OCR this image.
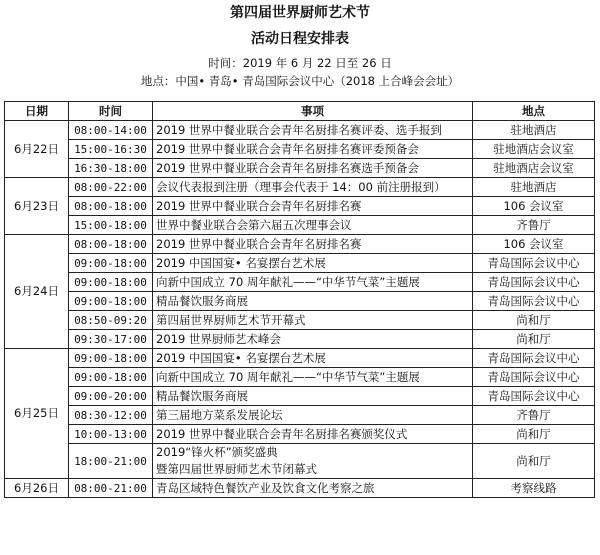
第四届世界厨师艺术节
活动日程安排表
时间：2019 年 6 月 22 日至 26 日
地点：中国• 青岛• 青岛国际会议中心（2018 上合峰会会址）
日期	时间	事项	地点
6月22日	08:00-14:00	2019 世界中餐业联合会青年名厨排名赛评委、选手报到	驻地酒店
	15:00-16:30	2019 世界中餐业联合会青年名厨排名赛评委预备会	驻地酒店会议室
	16:30-18:00	2019 世界中餐业联合会青年名厨排名赛选手预备会	驻地酒店会议室
6月23日	08:00-22:00	会议代表报到注册（理事会代表于 14：00 前注册报到）	驻地酒店
	08:00-18:00	2019 世界中餐业联合会青年名厨排名赛	106 会议室
	15:00-18:00	世界中餐业联合会第六届五次理事会议	齐鲁厅
6月24日	08:00-18:00	2019 世界中餐业联合会青年名厨排名赛	106 会议室
	09:00-18:00	2019 中国国宴• 名宴摆台艺术展	青岛国际会议中心
	09:00-18:00	向新中国成立 70 周年献礼——“中华节气菜”主题展	青岛国际会议中心
	09:00-18:00	精品餐饮服务商展	青岛国际会议中心
	08:50-09:20	第四届世界厨师艺术节开幕式	尚和厅
	09:30-17:00	2019 世界厨师艺术峰会	尚和厅
6月25日	09:00-18:00	2019 中国国宴• 名宴摆台艺术展	青岛国际会议中心
	09:00-18:00	向新中国成立 70 周年献礼——“中华节气菜”主题展	青岛国际会议中心
	09:00-20:00	精品餐饮服务商展	青岛国际会议中心
	08:30-12:00	第三届地方菜系发展论坛	齐鲁厅
	10:00-13:00	2019 世界中餐业联合会青年名厨排名赛颁奖仪式	尚和厅
	18:00-21:00	2019“锋火杯”颁奖盛典
暨第四届世界厨师艺术节闭幕式	尚和厅
6月26日	08:00-21:00	青岛区域特色餐饮产业及饮食文化考察之旅	考察线路
